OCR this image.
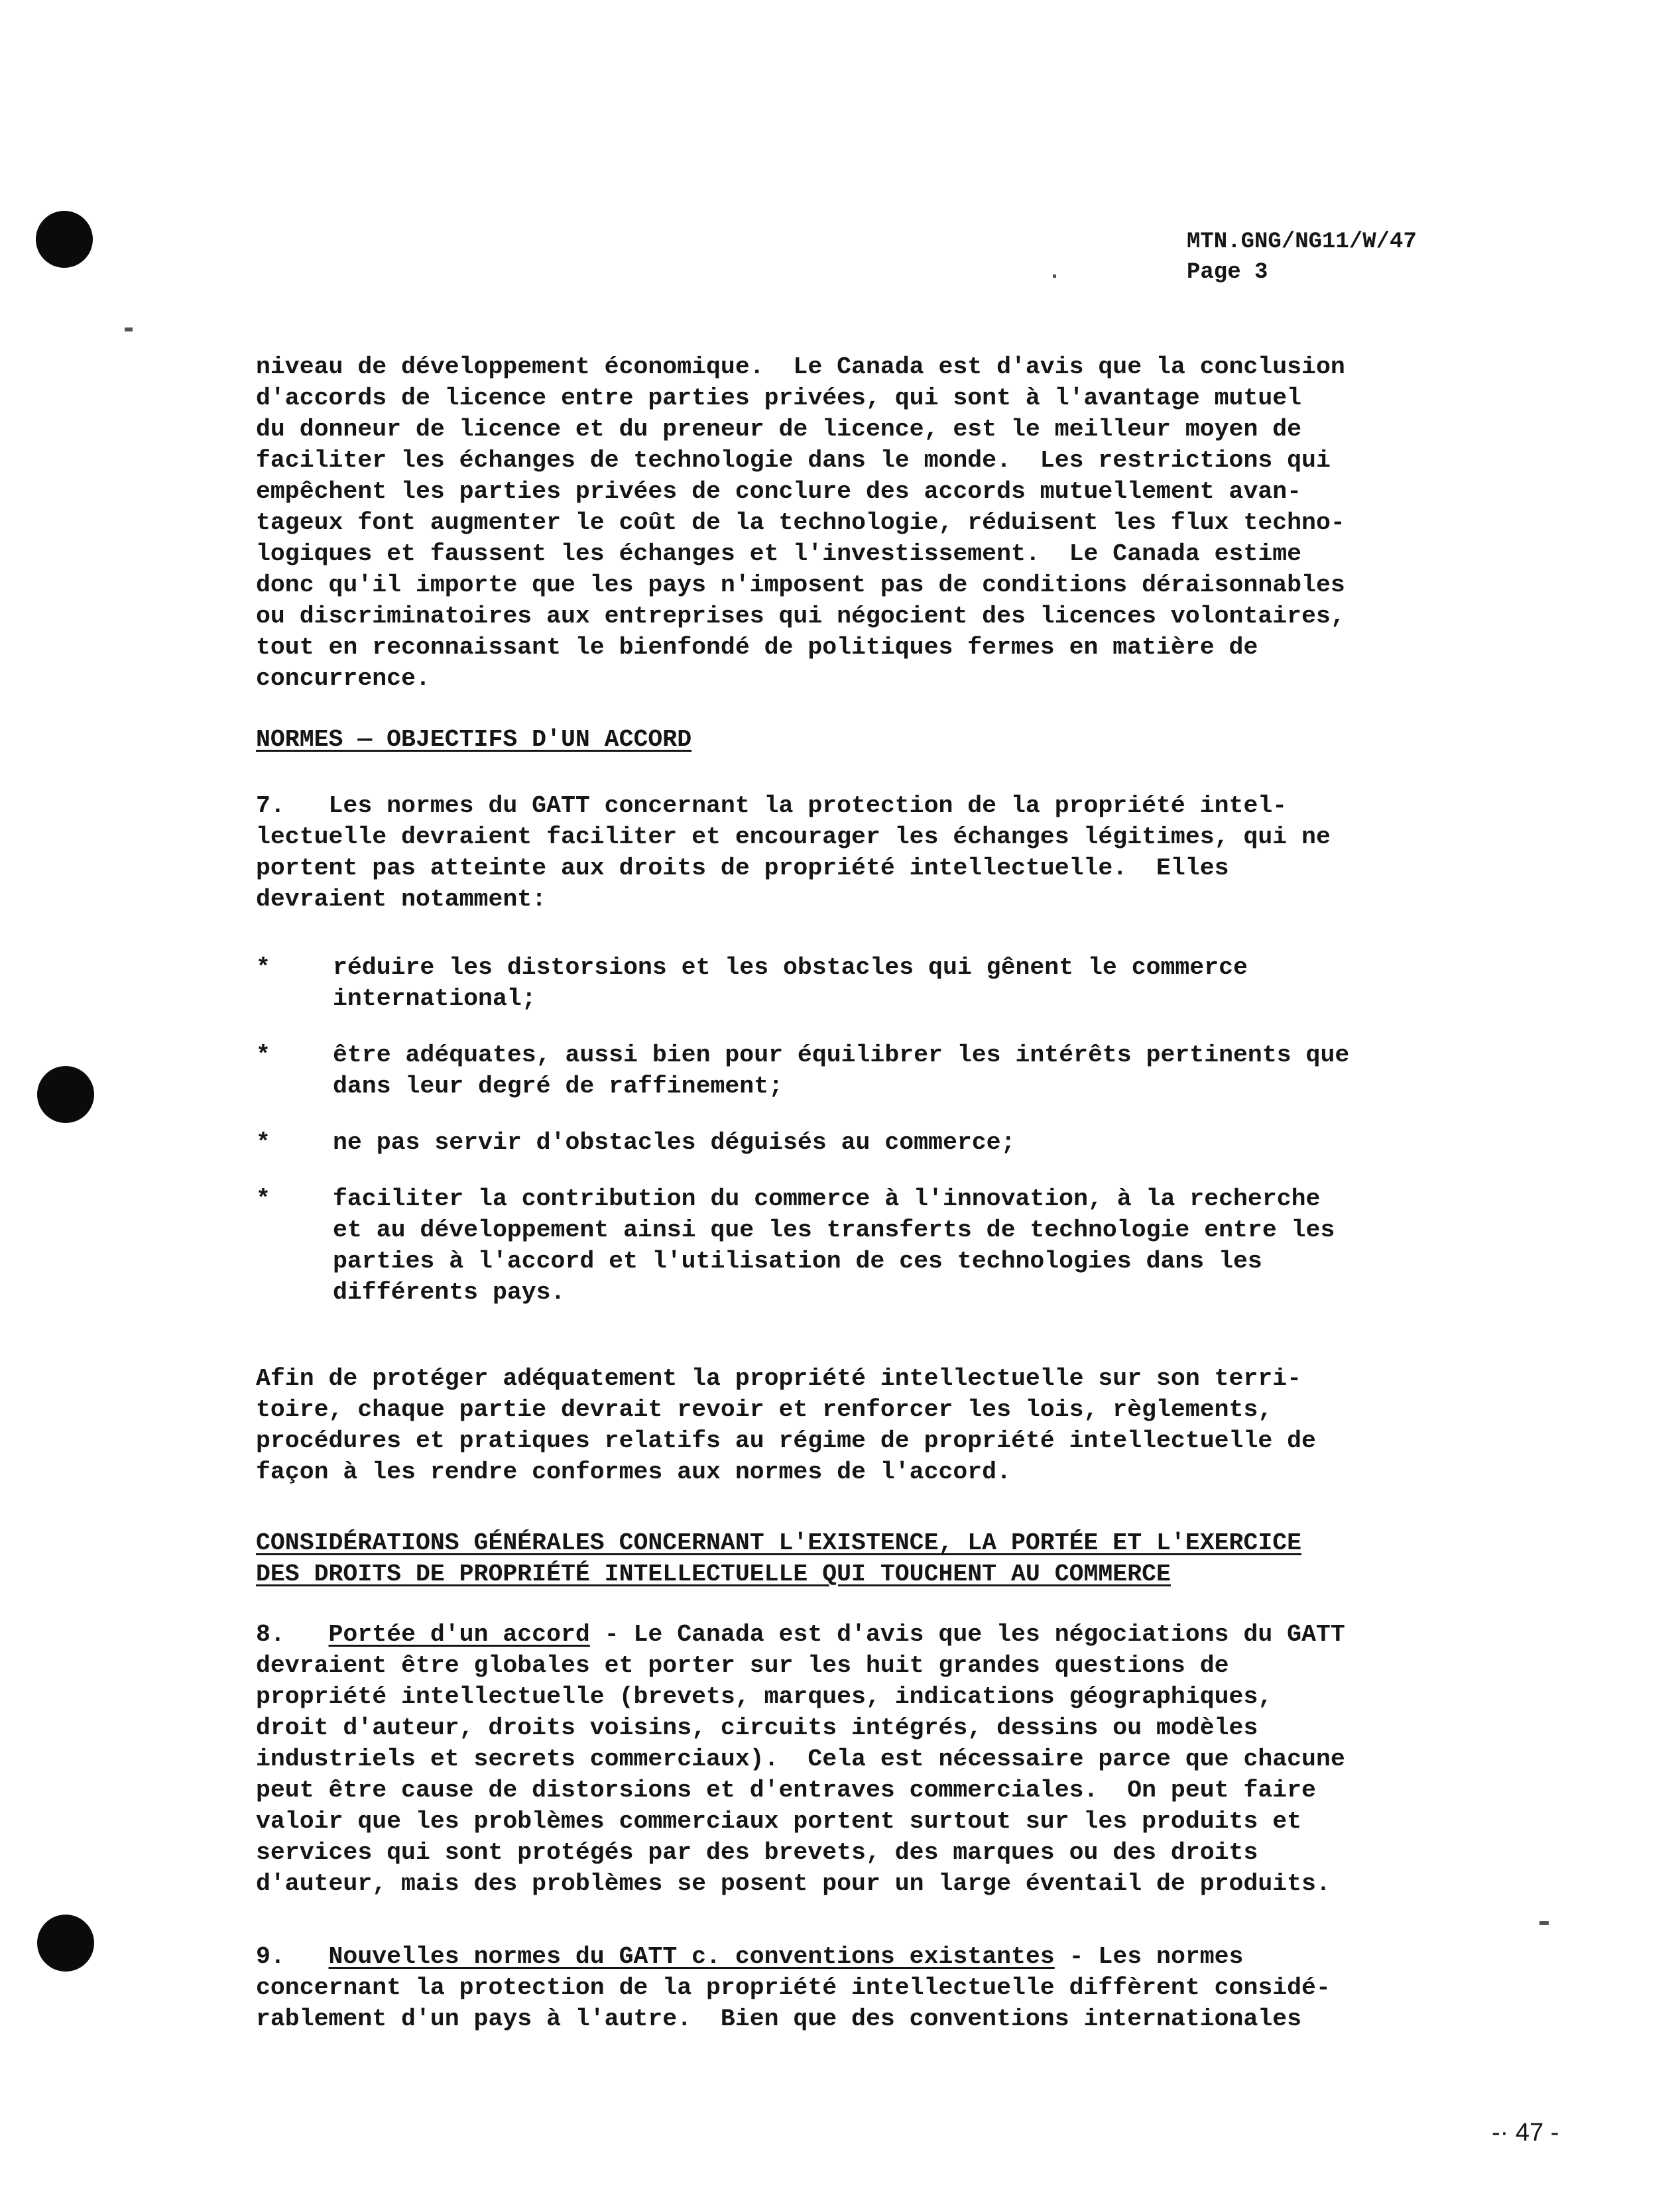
MTN.GNG/NG11/W/47
Page 3
niveau de développement économique.  Le Canada est d'avis que la conclusion
d'accords de licence entre parties privées, qui sont à l'avantage mutuel
du donneur de licence et du preneur de licence, est le meilleur moyen de
faciliter les échanges de technologie dans le monde.  Les restrictions qui
empêchent les parties privées de conclure des accords mutuellement avan-
tageux font augmenter le coût de la technologie, réduisent les flux techno-
logiques et faussent les échanges et l'investissement.  Le Canada estime
donc qu'il importe que les pays n'imposent pas de conditions déraisonnables
ou discriminatoires aux entreprises qui négocient des licences volontaires,
tout en reconnaissant le bienfondé de politiques fermes en matière de
concurrence.
NORMES — OBJECTIFS D'UN ACCORD
7.   Les normes du GATT concernant la protection de la propriété intel-
lectuelle devraient faciliter et encourager les échanges légitimes, qui ne
portent pas atteinte aux droits de propriété intellectuelle.  Elles
devraient notamment:
*	réduire les distorsions et les obstacles qui gênent le commerce
international;
*	être adéquates, aussi bien pour équilibrer les intérêts pertinents que
dans leur degré de raffinement;
*	ne pas servir d'obstacles déguisés au commerce;
*	faciliter la contribution du commerce à l'innovation, à la recherche
et au développement ainsi que les transferts de technologie entre les
parties à l'accord et l'utilisation de ces technologies dans les
différents pays.
Afin de protéger adéquatement la propriété intellectuelle sur son terri-
toire, chaque partie devrait revoir et renforcer les lois, règlements,
procédures et pratiques relatifs au régime de propriété intellectuelle de
façon à les rendre conformes aux normes de l'accord.
CONSIDÉRATIONS GÉNÉRALES CONCERNANT L'EXISTENCE, LA PORTÉE ET L'EXERCICE
DES DROITS DE PROPRIÉTÉ INTELLECTUELLE QUI TOUCHENT AU COMMERCE
8.   Portée d'un accord - Le Canada est d'avis que les négociations du GATT
devraient être globales et porter sur les huit grandes questions de
propriété intellectuelle (brevets, marques, indications géographiques,
droit d'auteur, droits voisins, circuits intégrés, dessins ou modèles
industriels et secrets commerciaux).  Cela est nécessaire parce que chacune
peut être cause de distorsions et d'entraves commerciales.  On peut faire
valoir que les problèmes commerciaux portent surtout sur les produits et
services qui sont protégés par des brevets, des marques ou des droits
d'auteur, mais des problèmes se posent pour un large éventail de produits.
9.   Nouvelles normes du GATT c. conventions existantes - Les normes
concernant la protection de la propriété intellectuelle diffèrent considé-
rablement d'un pays à l'autre.  Bien que des conventions internationales
-· 47 -
